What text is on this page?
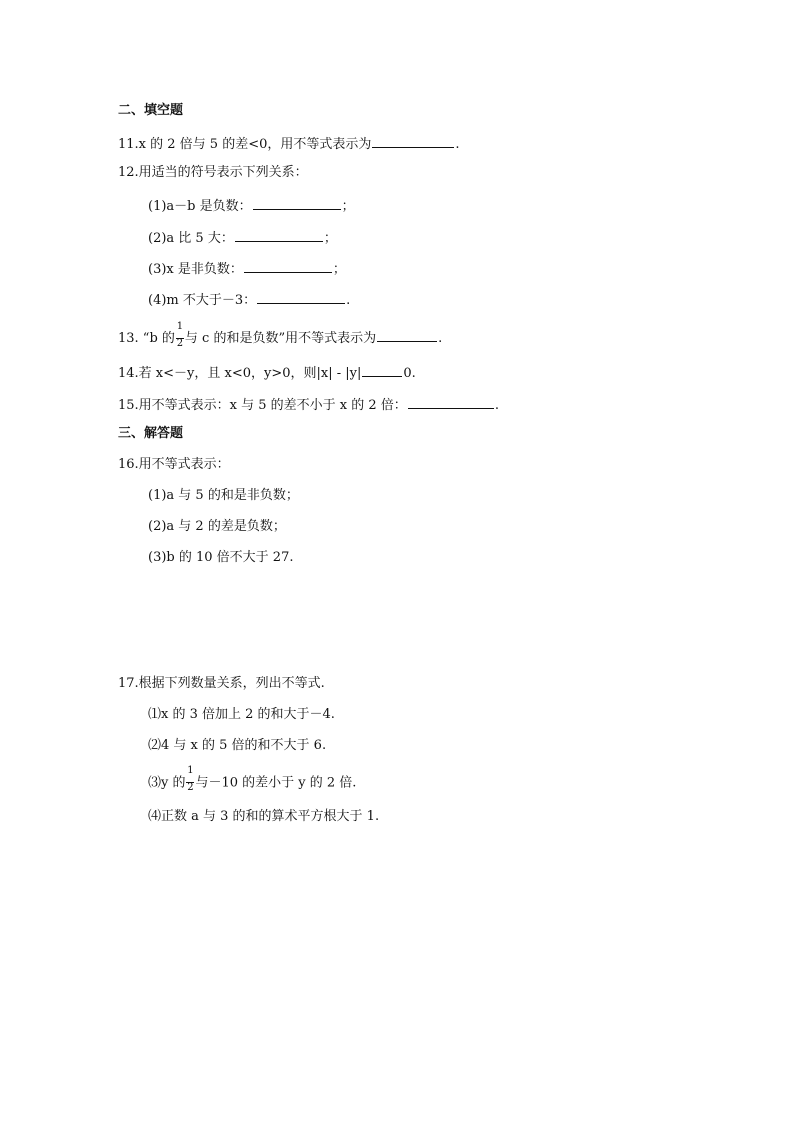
二、填空题
11.x 的 2 倍与 5 的差<0，用不等式表示为	.
12.用适当的符号表示下列关系：
(1)a－b 是负数：	；
(2)a 比 5 大：	；
(3)x 是非负数：	；
(4)m 不大于－3：	.
13. “b 的 $\frac{1}{2}$ 与 c 的和是负数”用不等式表示为	.
14.若 x<－y，且 x<0，y>0，则|x| - |y|	0.
15.用不等式表示：x 与 5 的差不小于 x 的 2 倍：	.
三、解答题
16.用不等式表示：
(1)a 与 5 的和是非负数；
(2)a 与 2 的差是负数；
(3)b 的 10 倍不大于 27.
17.根据下列数量关系，列出不等式.
⑴x 的 3 倍加上 2 的和大于－4.
⑵4 与 x 的 5 倍的和不大于 6.
⑶y 的 $\frac{1}{2}$ 与－10 的差小于 y 的 2 倍.
⑷正数 a 与 3 的和的算术平方根大于 1.
